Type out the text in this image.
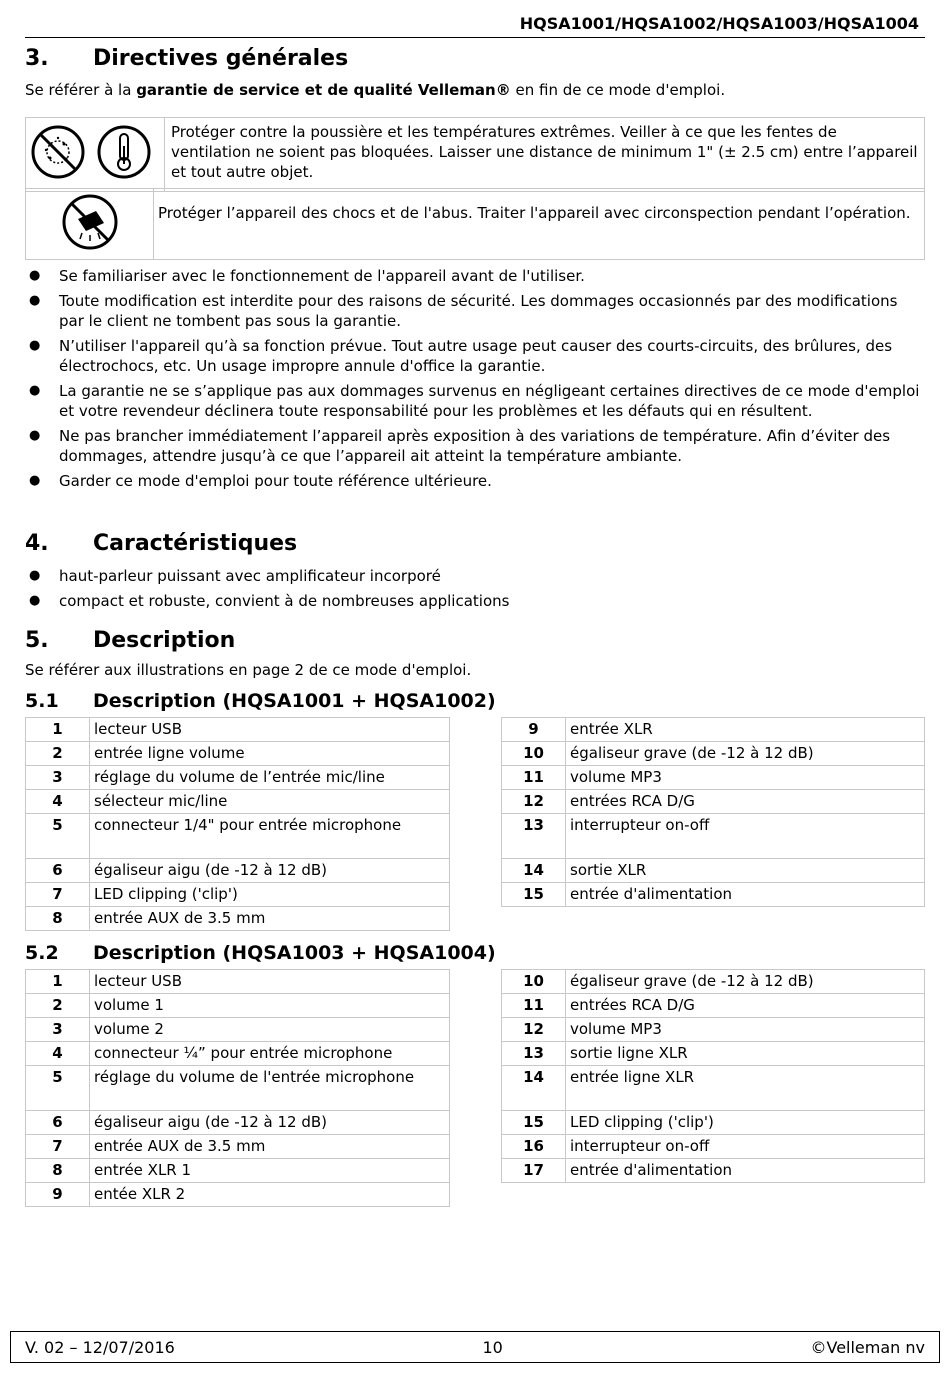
HQSA1001/HQSA1002/HQSA1003/HQSA1004
3.	Directives générales

Se référer à la garantie de service et de qualité Velleman® en fin de ce mode d'emploi.

	Protéger contre la poussière et les températures extrêmes. Veiller à ce que les fentes de ventilation ne soient pas bloquées. Laisser une distance de minimum 1" (± 2.5 cm) entre l’appareil et tout autre objet.
	Protéger l’appareil des chocs et de l'abus. Traiter l'appareil avec circonspection pendant l’opération.
●	Se familiariser avec le fonctionnement de l'appareil avant de l'utiliser.
●	Toute modification est interdite pour des raisons de sécurité. Les dommages occasionnés par des modifications par le client ne tombent pas sous la garantie.
●	N’utiliser l'appareil qu’à sa fonction prévue. Tout autre usage peut causer des courts-circuits, des brûlures, des électrochocs, etc. Un usage impropre annule d'office la garantie.
●	La garantie ne se s’applique pas aux dommages survenus en négligeant certaines directives de ce mode d'emploi et votre revendeur déclinera toute responsabilité pour les problèmes et les défauts qui en résultent.
●	Ne pas brancher immédiatement l’appareil après exposition à des variations de température. Afin d’éviter des dommages, attendre jusqu’à ce que l’appareil ait atteint la température ambiante.
●	Garder ce mode d'emploi pour toute référence ultérieure.
4.	Caractéristiques
●	haut-parleur puissant avec amplificateur incorporé
●	compact et robuste, convient à de nombreuses applications
5.	Description

Se référer aux illustrations en page 2 de ce mode d'emploi.

5.1	Description (HQSA1001 + HQSA1002)
1	lecteur USB
2	entrée ligne volume
3	réglage du volume de l’entrée mic/line
4	sélecteur mic/line
5	connecteur 1/4" pour entrée microphone
6	égaliseur aigu (de -12 à 12 dB)
7	LED clipping ('clip')
8	entrée AUX de 3.5 mm
9	entrée XLR
10	égaliseur grave (de -12 à 12 dB)
11	volume MP3
12	entrées RCA D/G
13	interrupteur on-off
14	sortie XLR
15	entrée d'alimentation
5.2	Description (HQSA1003 + HQSA1004)
1	lecteur USB
2	volume 1
3	volume 2
4	connecteur ¼” pour entrée microphone
5	réglage du volume de l'entrée microphone
6	égaliseur aigu (de -12 à 12 dB)
7	entrée AUX de 3.5 mm
8	entrée XLR 1
9	entée XLR 2
10	égaliseur grave (de -12 à 12 dB)
11	entrées RCA D/G
12	volume MP3
13	sortie ligne XLR
14	entrée ligne XLR
15	LED clipping ('clip')
16	interrupteur on-off
17	entrée d'alimentation
V. 02 – 12/07/2016	10	©Velleman nv
